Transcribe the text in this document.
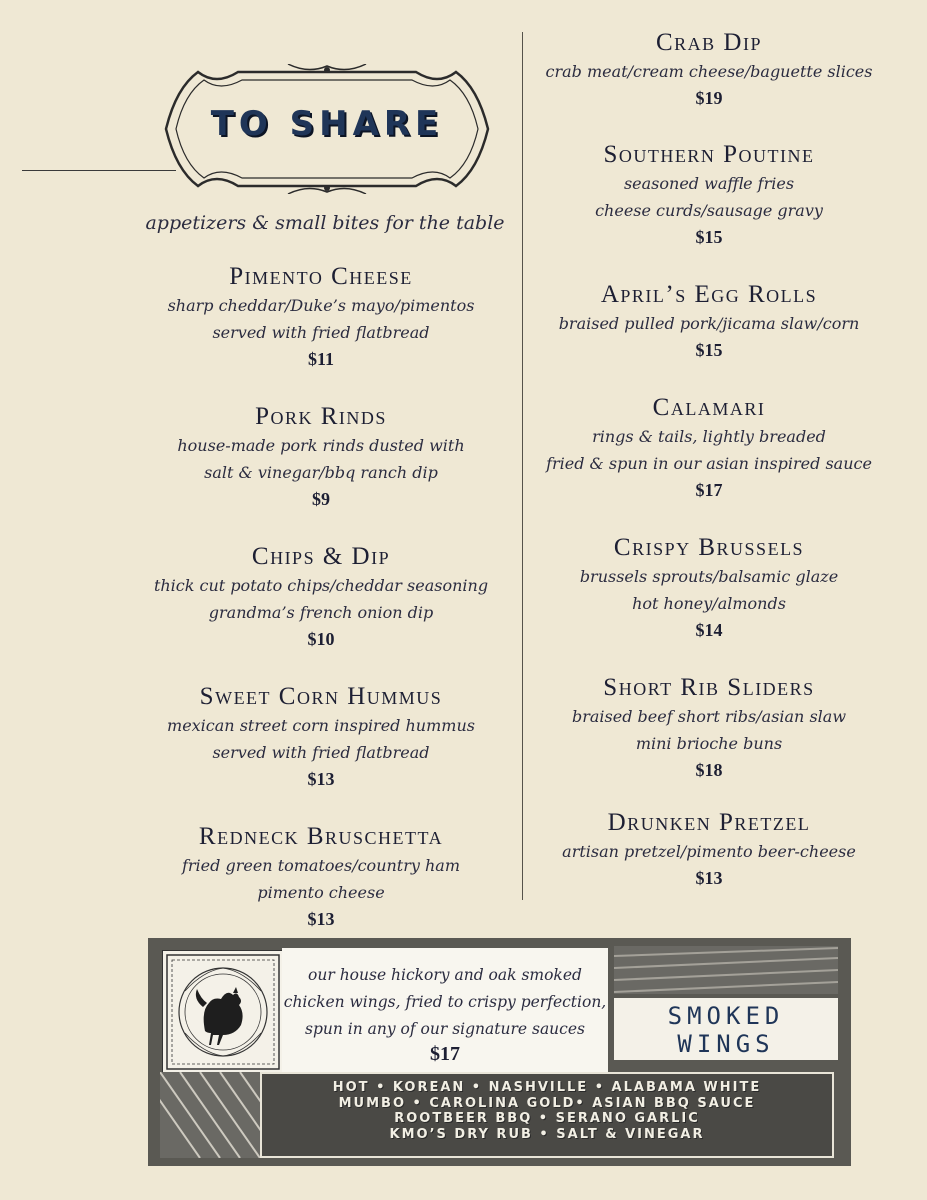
TO SHARE
appetizers & small bites for the table
Pimento Cheese
sharp cheddar/Duke’s mayo/pimentos
served with fried flatbread
$11
Pork Rinds
house-made pork rinds dusted with
salt & vinegar/bbq ranch dip
$9
Chips & Dip
thick cut potato chips/cheddar seasoning
grandma’s french onion dip
$10
Sweet Corn Hummus
mexican street corn inspired hummus
served with fried flatbread
$13
Redneck Bruschetta
fried green tomatoes/country ham
pimento cheese
$13
Crab Dip
crab meat/cream cheese/baguette slices
$19
Southern Poutine
seasoned waffle fries
cheese curds/sausage gravy
$15
April’s Egg Rolls
braised pulled pork/jicama slaw/corn
$15
Calamari
rings & tails, lightly breaded
fried & spun in our asian inspired sauce
$17
Crispy Brussels
brussels sprouts/balsamic glaze
hot honey/almonds
$14
Short Rib Sliders
braised beef short ribs/asian slaw
mini brioche buns
$18
Drunken Pretzel
artisan pretzel/pimento beer-cheese
$13
our house hickory and oak smoked
chicken wings, fried to crispy perfection,
spun in any of our signature sauces
$17
SMOKED
WINGS
HOT • KOREAN • NASHVILLE • ALABAMA WHITE
MUMBO • CAROLINA GOLD• ASIAN BBQ SAUCE
ROOTBEER BBQ • SERANO GARLIC
KMO’S DRY RUB • SALT & VINEGAR
